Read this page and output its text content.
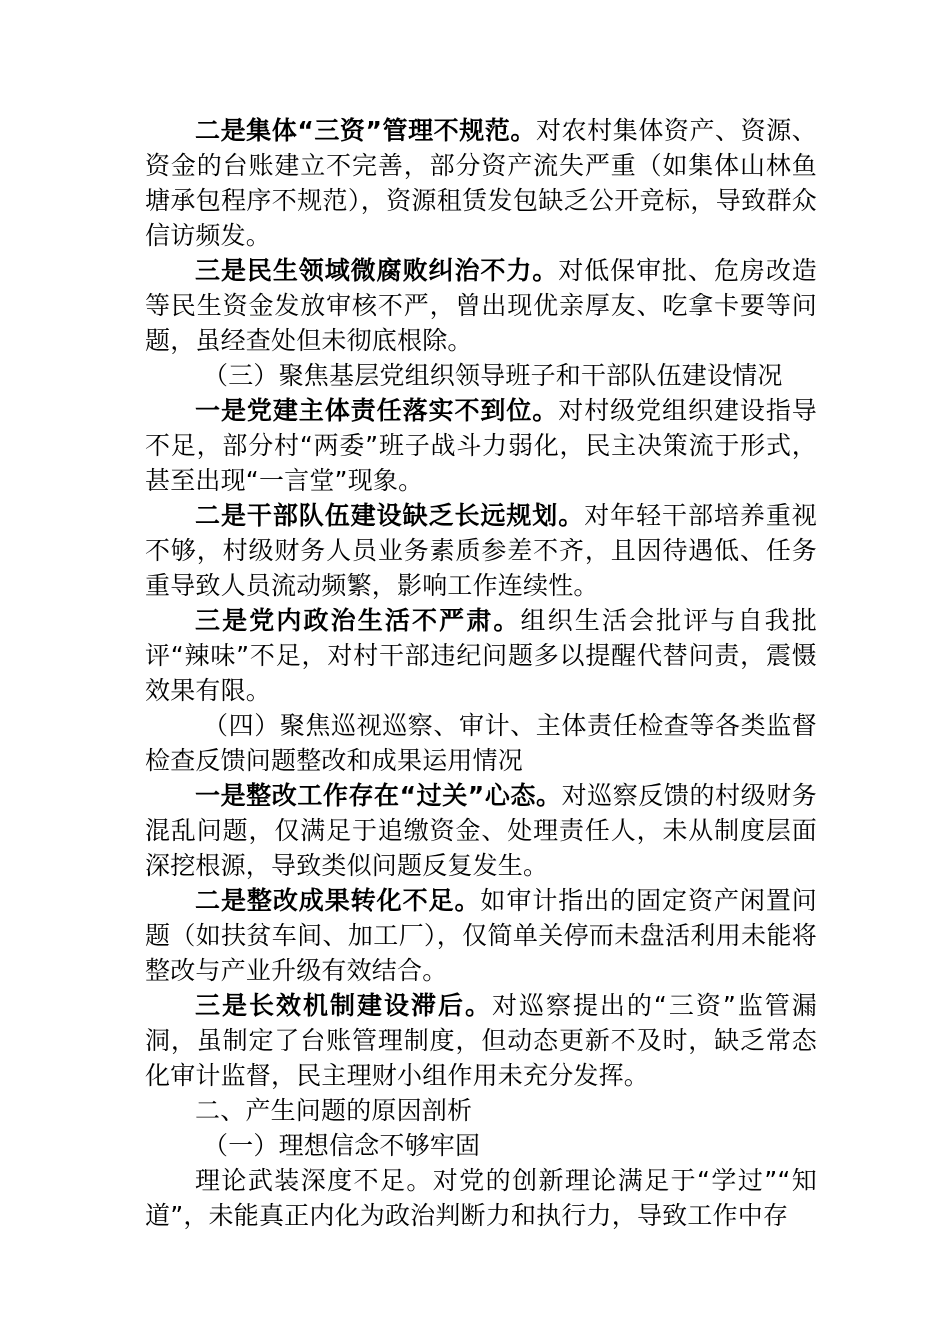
二是集体“三资”管理不规范。对农村集体资产、资源、资金的台账建立不完善，部分资产流失严重（如集体山林鱼塘承包程序不规范），资源租赁发包缺乏公开竞标，导致群众信访频发。

三是民生领域微腐败纠治不力。对低保审批、危房改造等民生资金发放审核不严，曾出现优亲厚友、吃拿卡要等问题，虽经查处但未彻底根除。

（三）聚焦基层党组织领导班子和干部队伍建设情况

一是党建主体责任落实不到位。对村级党组织建设指导不足，部分村“两委”班子战斗力弱化，民主决策流于形式，甚至出现“一言堂”现象。

二是干部队伍建设缺乏长远规划。对年轻干部培养重视不够，村级财务人员业务素质参差不齐，且因待遇低、任务重导致人员流动频繁，影响工作连续性。

三是党内政治生活不严肃。组织生活会批评与自我批评“辣味”不足，对村干部违纪问题多以提醒代替问责，震慑效果有限。

（四）聚焦巡视巡察、审计、主体责任检查等各类监督检查反馈问题整改和成果运用情况

一是整改工作存在“过关”心态。对巡察反馈的村级财务混乱问题，仅满足于追缴资金、处理责任人，未从制度层面深挖根源，导致类似问题反复发生。

二是整改成果转化不足。如审计指出的固定资产闲置问题（如扶贫车间、加工厂），仅简单关停而未盘活利用未能将整改与产业升级有效结合。

三是长效机制建设滞后。对巡察提出的“三资”监管漏洞，虽制定了台账管理制度，但动态更新不及时，缺乏常态化审计监督，民主理财小组作用未充分发挥。

二、产生问题的原因剖析

（一）理想信念不够牢固

理论武装深度不足。对党的创新理论满足于“学过”“知道”，未能真正内化为政治判断力和执行力，导致工作中存
